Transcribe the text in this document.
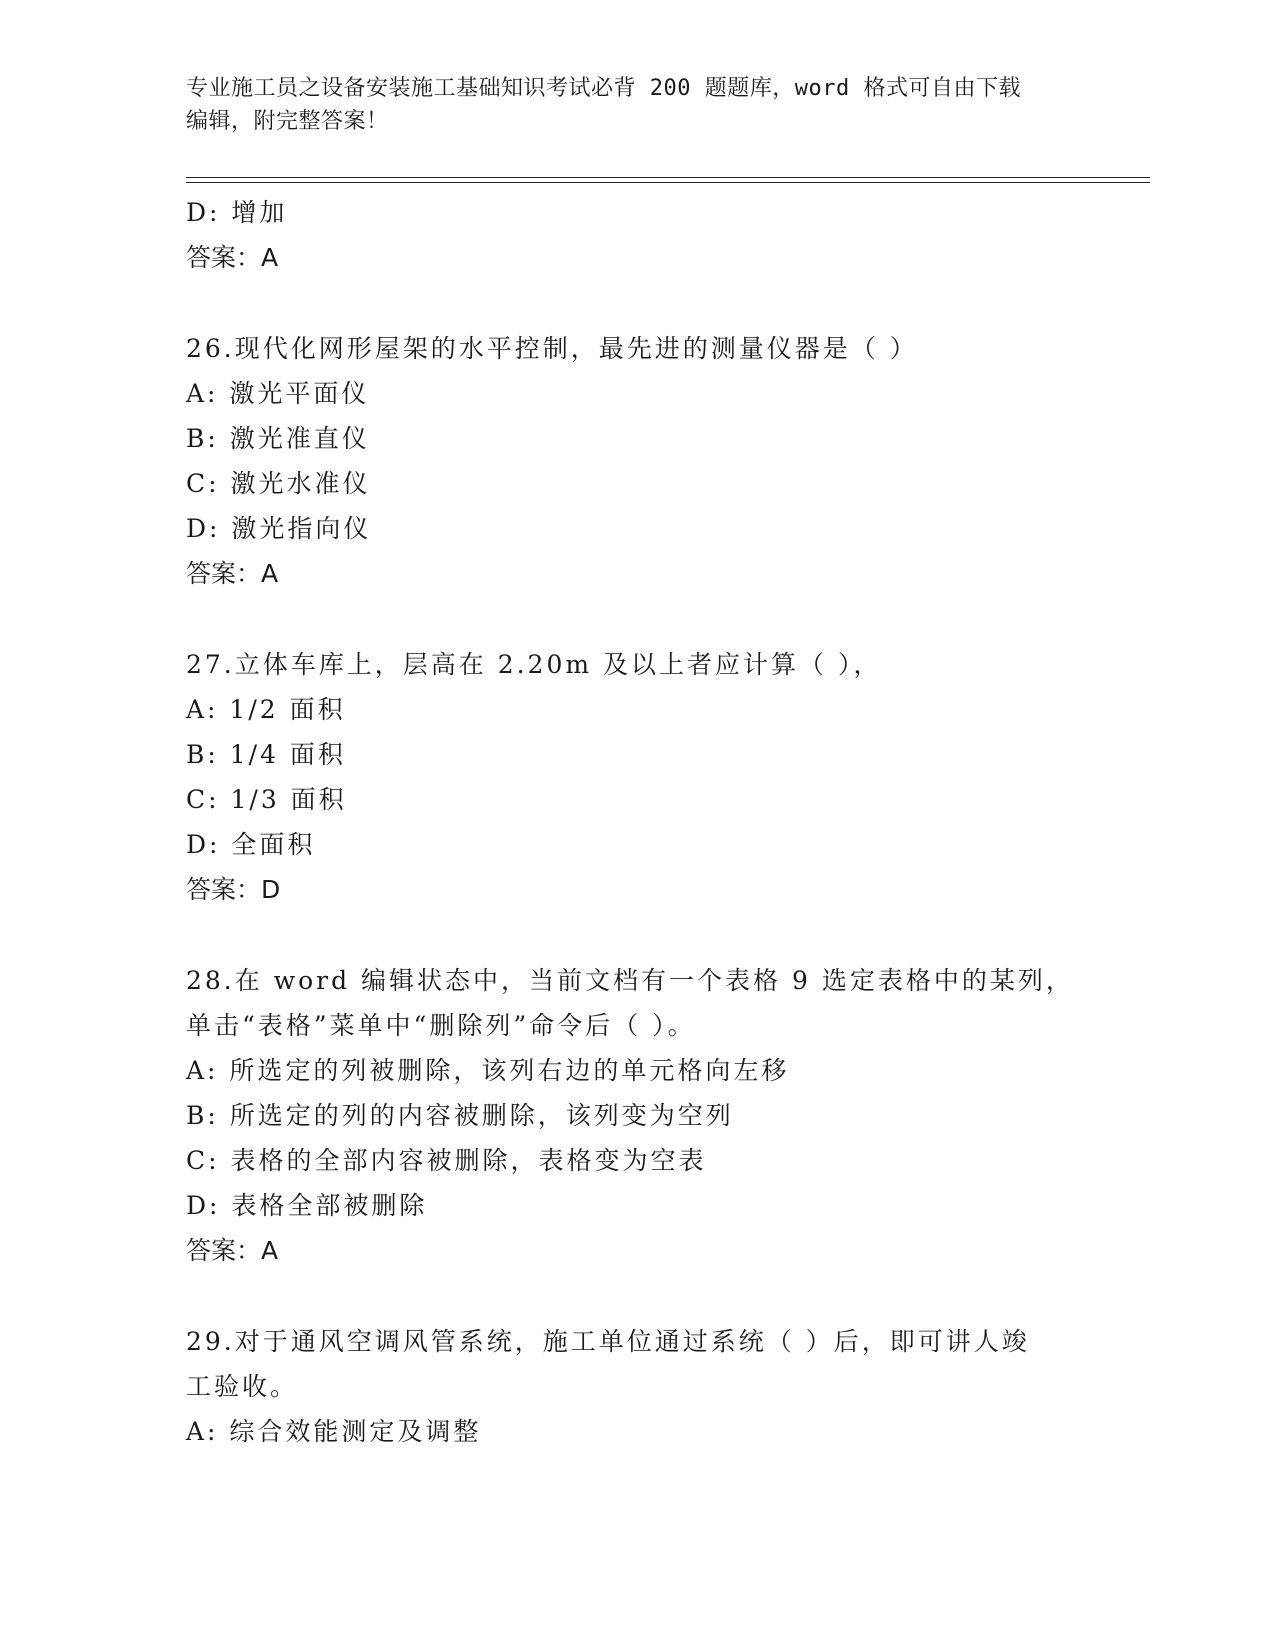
专业施工员之设备安装施工基础知识考试必背 200 题题库，word 格式可自由下载
编辑，附完整答案！
D: 增加
答案：A
26.现代化网形屋架的水平控制，最先进的测量仪器是（ ）
A: 激光平面仪
B: 激光准直仪
C: 激光水准仪
D: 激光指向仪
答案：A
27.立体车库上，层高在 2.20m 及以上者应计算（ ），
A: 1/2 面积
B: 1/4 面积
C: 1/3 面积
D: 全面积
答案：D
28.在 word 编辑状态中，当前文档有一个表格 9 选定表格中的某列，
单击“表格”菜单中“删除列”命令后（ ）。
A: 所选定的列被删除，该列右边的单元格向左移
B: 所选定的列的内容被删除，该列变为空列
C: 表格的全部内容被删除，表格变为空表
D: 表格全部被删除
答案：A
29.对于通风空调风管系统，施工单位通过系统（ ）后，即可讲人竣
工验收。
A: 综合效能测定及调整
